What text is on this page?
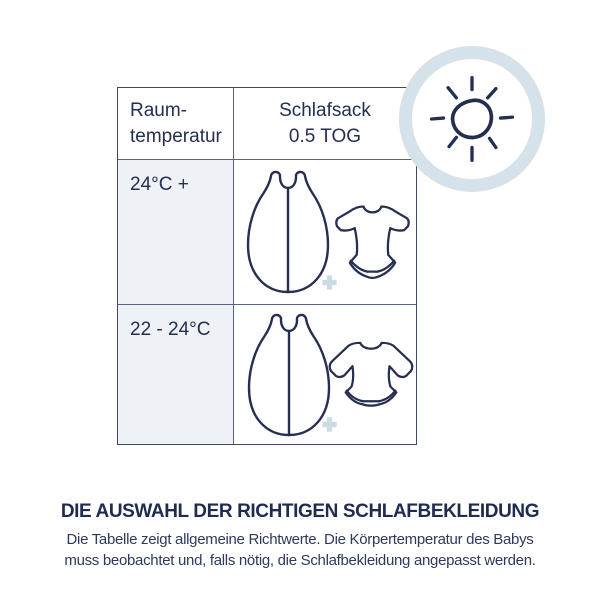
Raum-
temperatur
Schlafsack
0.5 TOG
24°C +
22 - 24°C
DIE AUSWAHL DER RICHTIGEN SCHLAFBEKLEIDUNG
Die Tabelle zeigt allgemeine Richtwerte. Die Körpertemperatur des Babys
muss beobachtet und, falls nötig, die Schlafbekleidung angepasst werden.
